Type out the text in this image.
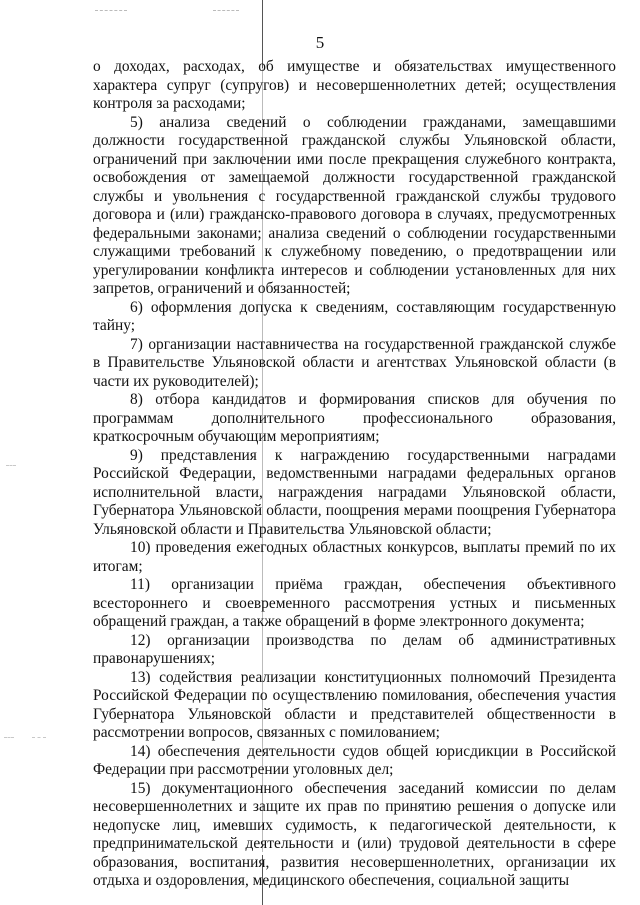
5

о доходах, расходах, об имуществе и обязательствах имущественного характера супруг (супругов) и несовершеннолетних детей; осуществления контроля за расходами;

5) анализа сведений о соблюдении гражданами, замещавшими должности государственной гражданской службы Ульяновской области, ограничений при заключении ими после прекращения служебного контракта, освобождения от замещаемой должности государственной гражданской службы и увольнения с государственной гражданской службы трудового договора и (или) гражданско-правового договора в случаях, предусмотренных федеральными законами; анализа сведений о соблюдении государственными служащими требований к служебному поведению, о предотвращении или урегулировании конфликта интересов и соблюдении установленных для них запретов, ограничений и обязанностей;

6) оформления допуска к сведениям, составляющим государственную тайну;

7) организации наставничества на государственной гражданской службе в Правительстве Ульяновской области и агентствах Ульяновской области (в части их руководителей);

8) отбора кандидатов и формирования списков для обучения по программам дополнительного профессионального образования, краткосрочным обучающим мероприятиям;

9) представления к награждению государственными наградами Российской Федерации, ведомственными наградами федеральных органов исполнительной власти, награждения наградами Ульяновской области, Губернатора Ульяновской области, поощрения мерами поощрения Губернатора Ульяновской области и Правительства Ульяновской области;

10) проведения ежегодных областных конкурсов, выплаты премий по их итогам;

11) организации приёма граждан, обеспечения объективного всестороннего и своевременного рассмотрения устных и письменных обращений граждан, а также обращений в форме электронного документа;

12) организации производства по делам об административных правонарушениях;

13) содействия реализации конституционных полномочий Президента Российской Федерации по осуществлению помилования, обеспечения участия Губернатора Ульяновской области и представителей общественности в рассмотрении вопросов, связанных с помилованием;

14) обеспечения деятельности судов общей юрисдикции в Российской Федерации при рассмотрении уголовных дел;

15) документационного обеспечения заседаний комиссии по делам несовершеннолетних и защите их прав по принятию решения о допуске или недопуске лиц, имевших судимость, к педагогической деятельности, к предпринимательской деятельности и (или) трудовой деятельности в сфере образования, воспитания, развития несовершеннолетних, организации их отдыха и оздоровления, медицинского обеспечения, социальной защиты
